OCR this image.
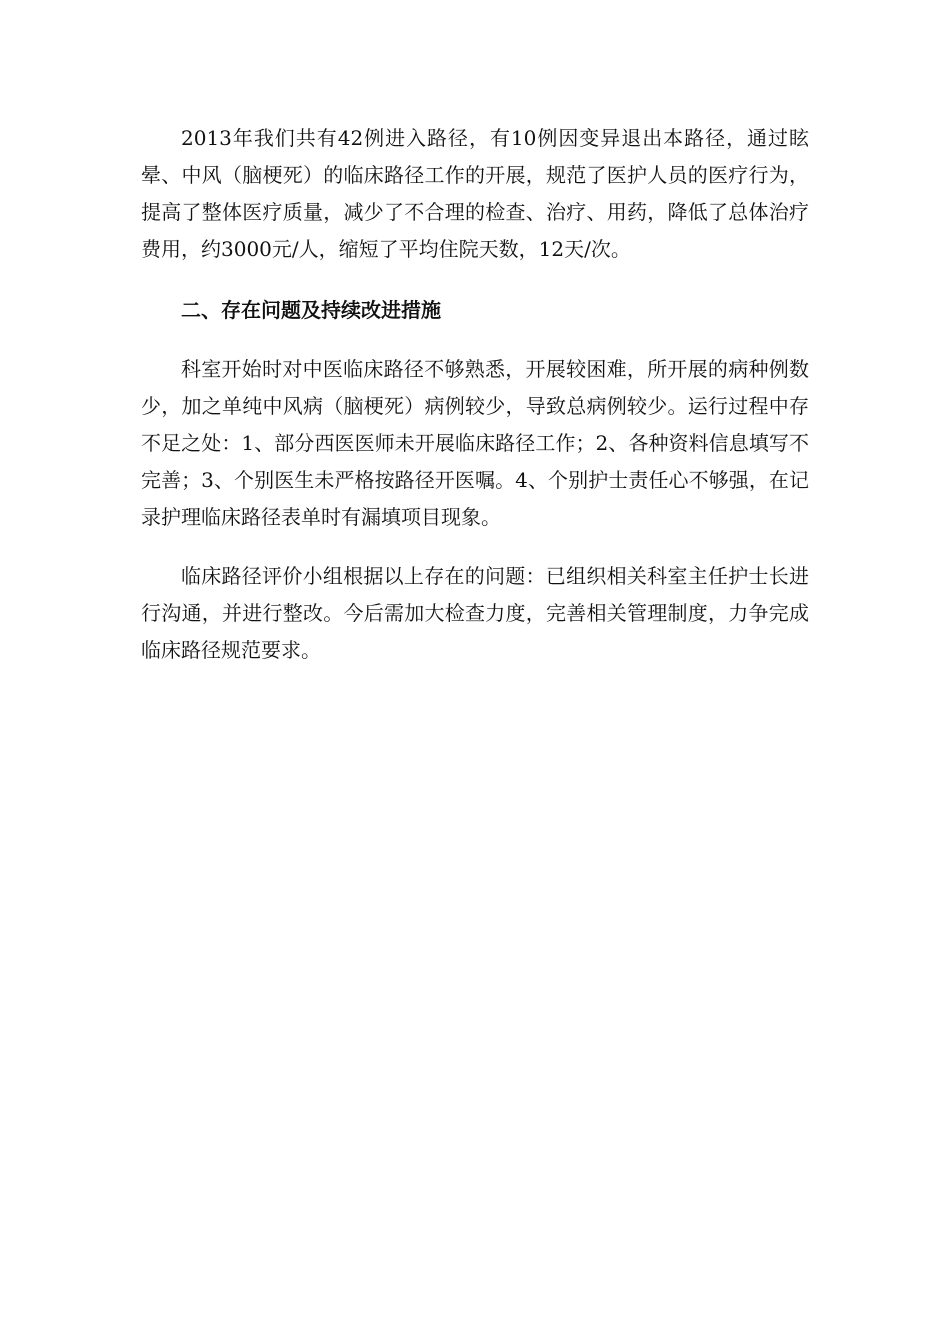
2013年我们共有42例进入路径，有10例因变异退出本路径，通过眩晕、中风（脑梗死）的临床路径工作的开展，规范了医护人员的医疗行为，提高了整体医疗质量，减少了不合理的检查、治疗、用药，降低了总体治疗费用，约3000元/人，缩短了平均住院天数，12天/次。

二、存在问题及持续改进措施

科室开始时对中医临床路径不够熟悉，开展较困难，所开展的病种例数少，加之单纯中风病（脑梗死）病例较少，导致总病例较少。运行过程中存不足之处：1、部分西医医师未开展临床路径工作；2、各种资料信息填写不完善；3、个别医生未严格按路径开医嘱。4、个别护士责任心不够强，在记录护理临床路径表单时有漏填项目现象。

临床路径评价小组根据以上存在的问题：已组织相关科室主任护士长进行沟通，并进行整改。今后需加大检查力度，完善相关管理制度，力争完成临床路径规范要求。
